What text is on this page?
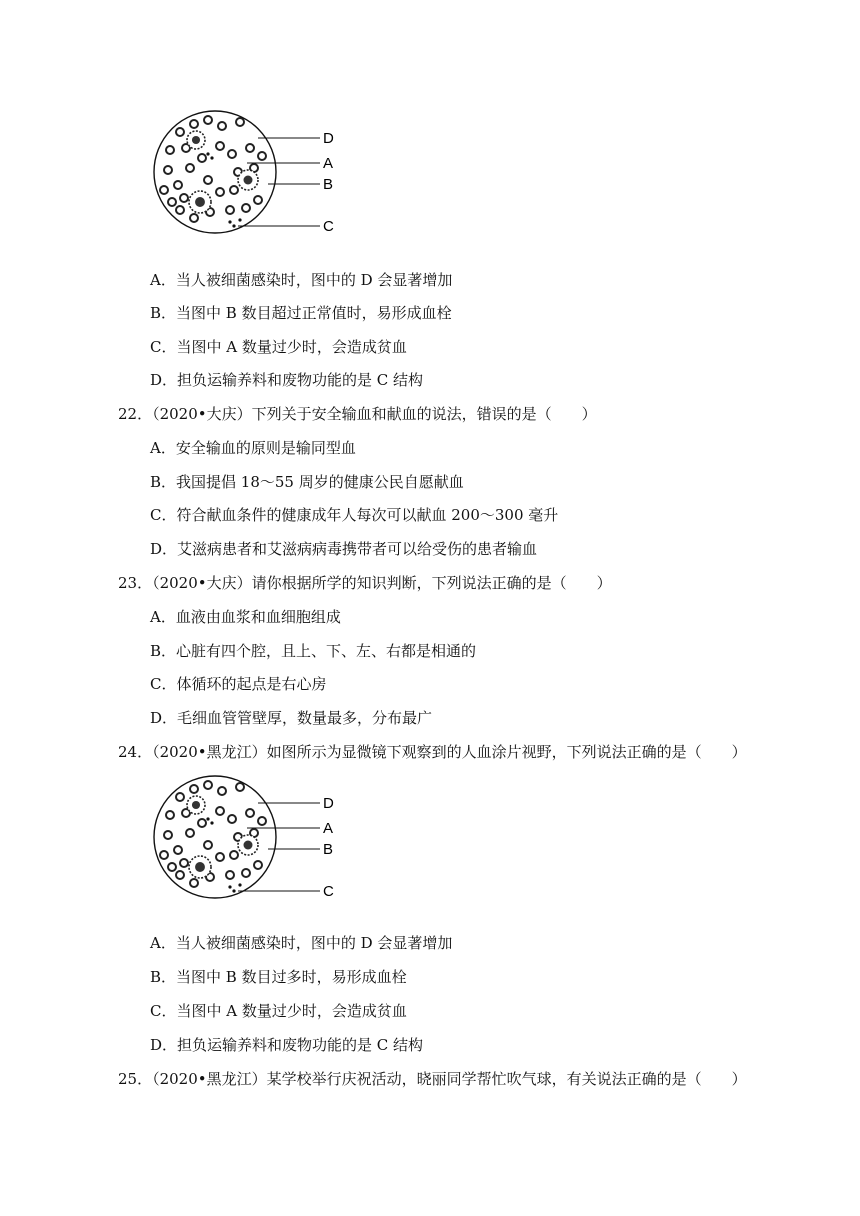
D
A
B
C
A．当人被细菌感染时，图中的 D 会显著增加
B．当图中 B 数目超过正常值时，易形成血栓
C．当图中 A 数量过少时，会造成贫血
D．担负运输养料和废物功能的是 C 结构
22．（2020•大庆）下列关于安全输血和献血的说法，错误的是（　　）
A．安全输血的原则是输同型血
B．我国提倡 18～55 周岁的健康公民自愿献血
C．符合献血条件的健康成年人每次可以献血 200～300 毫升
D．艾滋病患者和艾滋病病毒携带者可以给受伤的患者输血
23．（2020•大庆）请你根据所学的知识判断，下列说法正确的是（　　）
A．血液由血浆和血细胞组成
B．心脏有四个腔，且上、下、左、右都是相通的
C．体循环的起点是右心房
D．毛细血管管壁厚，数量最多，分布最广
24．（2020•黑龙江）如图所示为显微镜下观察到的人血涂片视野，下列说法正确的是（　　）
D
A
B
C
A．当人被细菌感染时，图中的 D 会显著增加
B．当图中 B 数目过多时，易形成血栓
C．当图中 A 数量过少时，会造成贫血
D．担负运输养料和废物功能的是 C 结构
25．（2020•黑龙江）某学校举行庆祝活动，晓丽同学帮忙吹气球，有关说法正确的是（　　）
